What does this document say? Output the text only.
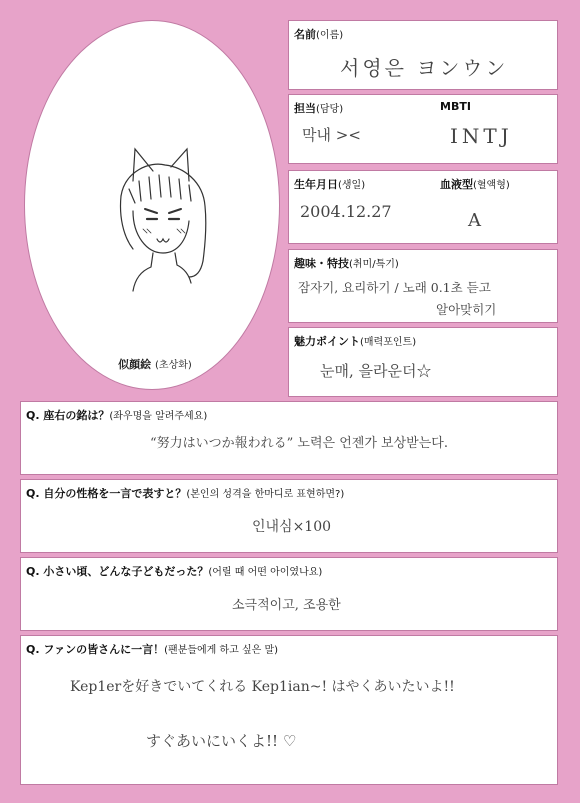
似顔絵 (초상화)
名前(이름)
서영은 ヨンウン
担当(담당)
막내 ><
MBTI
INTJ
生年月日(생일)
2004.12.27
血液型(혈액형)
A
趣味・特技(취미/특기)
잠자기, 요리하기 / 노래 0.1초 듣고
알아맞히기
魅力ポイント(매력포인트)
눈매, 을라운더☆
Q. 座右の銘は？(좌우명을 알려주세요)
“努力はいつか報われる” 노력은 언젠가 보상받는다.
Q. 自分の性格を一言で表すと？(본인의 성격을 한마디로 표현하면?)
인내심×100
Q. 小さい頃、どんな子どもだった？(어릴 때 어떤 아이였나요)
소극적이고, 조용한
Q. ファンの皆さんに一言！(팬분들에게 하고 싶은 말)
Kep1erを好きでいてくれる Kep1ian~! はやくあいたいよ!!
すぐあいにいくよ!! ♡
